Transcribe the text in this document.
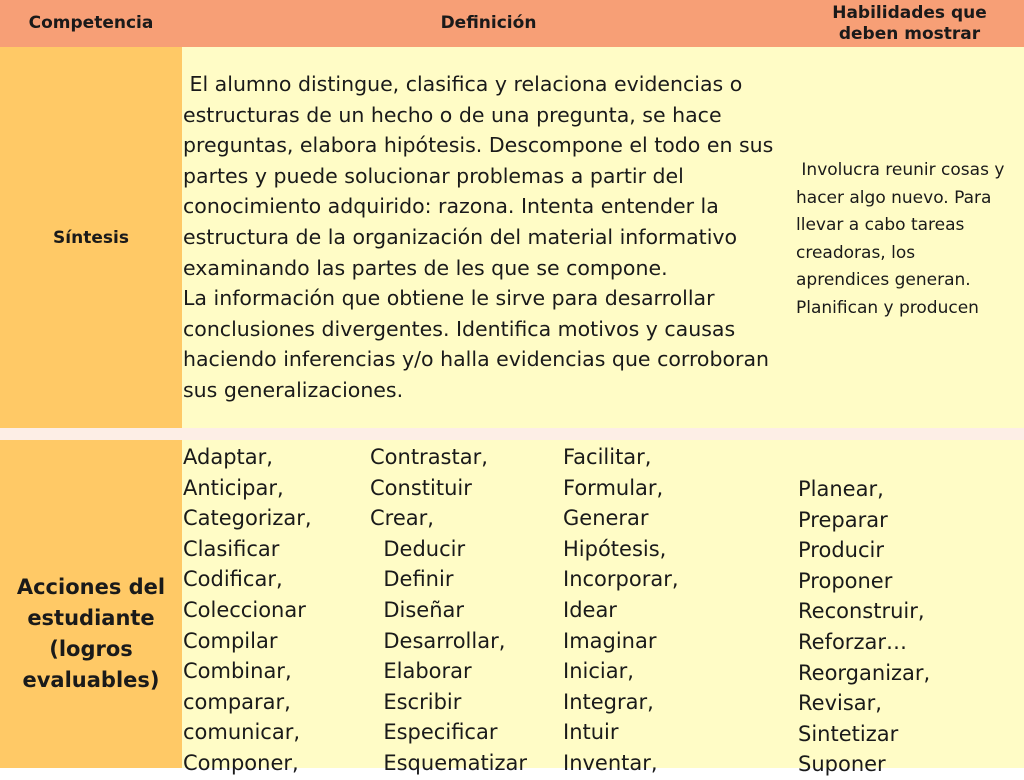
Competencia	Definición	Habilidades que
deben mostrar
Síntesis
El alumno distingue, clasifica y relaciona evidencias o
estructuras de un hecho o de una pregunta, se hace
preguntas, elabora hipótesis. Descompone el todo en sus
partes y puede solucionar problemas a partir del
conocimiento adquirido: razona. Intenta entender la
estructura de la organización del material informativo
examinando las partes de les que se compone.
La información que obtiene le sirve para desarrollar
conclusiones divergentes. Identifica motivos y causas
haciendo inferencias y/o halla evidencias que corroboran
sus generalizaciones.
Involucra reunir cosas y
hacer algo nuevo. Para
llevar a cabo tareas
creadoras, los
aprendices generan.
Planifican y producen
Acciones del
estudiante
(logros
evaluables)
Adaptar,
Anticipar,
Categorizar,
Clasificar
Codificar,
Coleccionar
Compilar
Combinar,
comparar,
comunicar,
Componer,
Contrastar,
Constituir
Crear,
Deducir
Definir
Diseñar
Desarrollar,
Elaborar
Escribir
Especificar
Esquematizar
Facilitar,
Formular,
Generar
Hipótesis,
Incorporar,
Idear
Imaginar
Iniciar,
Integrar,
Intuir
Inventar,
Planear,
Preparar
Producir
Proponer
Reconstruir,
Reforzar…
Reorganizar,
Revisar,
Sintetizar
Suponer
